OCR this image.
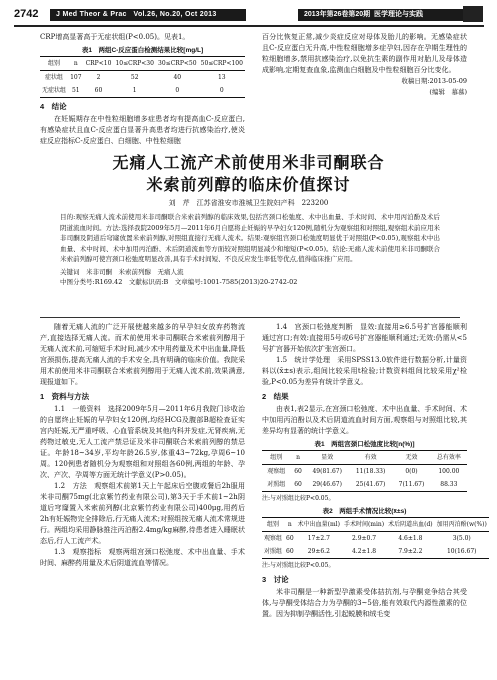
2742	J Med Theor & Prac Vol.26, No.20, Oct 2013	2013年第26卷第20期 医学理论与实践

CRP增高显著高于无症状组(P<0.05)。见表1。

表1　两组C-反应蛋白检测结果比较[mg/L]
组别	n	CRP<10	10≤CRP<30	30≤CRP<50	50≤CRP<100
症状组	107	2	52	40	13
无症状组	51	60	1	0	0
4　结论

在妊娠期存在中性粒细胞增多症患者均有提高血C-反应蛋白,有感染症状且血C-反应蛋白显著升高患者均进行抗感染治疗,使炎症反应指标C-反应蛋白、白细胞、中性粒细胞

百分比恢复正常,减少炎症反应对母体及胎儿的影响。无感染症状且C-反应蛋白无升高,中性粒细胞增多症孕妇,因存在孕期生理性的粒细胞增多,禁用抗感染治疗,以免抗生素的副作用对胎儿及母体造成影响,定期复查血象,监测血白细胞及中性粒细胞百分比变化。

收稿日期:2013-05-09
(编辑　慕慕)
无痛人工流产术前使用米非司酮联合
米索前列醇的临床价值探讨
刘　芹　江苏省淮安市淮城卫生院妇产科　223200
目的:观察无痛人流术前使用米非司酮联合米索前列醇的临床效果,包括宫颈口松弛度、术中出血量、手术时间、术中用丙泊酚及术后阴道流血时间。方法:选择我院2009年5月—2011年6月自愿将止妊娠的早孕妇女120例,随机分为观察组和对照组,观察组术前应用米非司酮及阴道后穹窿放置米索前列醇,对照组直接行无痛人流术。结果:观察组宫颈口松弛度明显优于对照组(P<0.05),观察组术中出血量、术中时间、术中加用丙泊酚、术后阴道流血等方面较对照组明显减少和缩短(P<0.05)。结论:无痛人流术前使用米非司酮联合米索前列醇可使宫颈口松弛度明显改善,具有手术时间短、不良反应发生率低等优点,值得临床推广应用。
关键词　米非司酮　米索前列醇　无痛人流
中图分类号:R169.42　文献标识码:B　文章编号:1001-7585(2013)20-2742-02

随着无痛人流的广泛开展使越来越多的早孕妇女放弃药物流产,直接选择无痛人流。而术前使用米非司酮联合米索前列醇用于无痛人流术前,可缩短手术时间,减少术中用药量及术中出血量,降低宫颈损伤,提高无痛人流的手术安全,具有明确的临床价值。我院采用术前使用米非司酮联合米索前列醇用于无痛人流术前,效果满意,现报道如下。

1　资料与方法

1.1　一般资料　选择2009年5月—2011年6月我院门诊收治的自愿终止妊娠的早孕妇女120例,均经HCG及腹部B超检查证实宫内妊娠,无严重呼吸、心血管系统及其他内科并发症,无肾疾病,无药物过敏史,无人工流产禁忌证及米非司酮联合米索前列醇的禁忌证。年龄18~34岁,平均年龄26.5岁,体重43~72kg,孕周6~10周。120例患者随机分为观察组和对照组各60例,两组的年龄、孕次、产次、孕周等方面无统计学意义(P>0.05)。

1.2　方法　观察组术前第1天上午起床后空腹或餐后2h服用米非司酮75mg(北京紫竹药业有限公司),第3天于手术前1~2h阴道后穹窿置入米索前列醇(北京紫竹药业有限公司)400μg,用药后2h有妊娠物完全排除后,行无痛人流术;对照组按无痛人流术常规进行。两组均采用静脉推注丙泊酚2.4mg/kg麻醉,待患者进入睡眠状态后,行人工流产术。

1.3　观察指标　观察两组宫颈口松弛度、术中出血量、手术时间、麻醉药用量及术后阴道流血等情况。

1.4　宫颈口松弛度判断　显效:直接用≥6.5号扩宫器能顺利通过宫口;有效:直接用5号或6号扩宫器能顺利通过;无效:仍需从<5号扩宫器开始依次扩张宫颈口。

1.5　统计学处理　采用SPSS13.0软件进行数据分析,计量资料以(x̄±s)表示,组间比较采用t检验;计数资料组间比较采用χ²检验,P<0.05为差异有统计学意义。

2　结果

由表1,表2显示,在宫颈口松弛度、术中出血量、手术时间、术中加用丙泊酚以及术后阴道流血时间方面,观察组与对照组比较,其差异均有显著的统计学意义。

表1　两组宫颈口松弛度比较[n(%)]
组别	n	显效	有效	无效	总有效率
观察组	60	49(81.67)	11(18.33)	0(0)	100.00
对照组	60	29(46.67)	25(41.67)	7(11.67)	88.33
注:与对照组比较P<0.05。
表2　两组手术情况比较(x̄±s)
组别	n	术中出血量(ml)	手术时间(min)	术后阴道出血(d)	加用丙泊酚(w(%))
观察组	60	17±2.7	2.9±0.7	4.6±1.8	3(5.0)
对照组	60	29±6.2	4.2±1.8	7.9±2.2	10(16.67)
注:与对照组比较P<0.05。
3　讨论

米非司酮是一种新型孕激素受体拮抗剂,与孕酮竞争结合其受体,与孕酮受体结合力为孕酮的3~5倍,能有效取代内源性激素的位置。因为抑制孕酮活性,引起蜕膜和绒毛变
